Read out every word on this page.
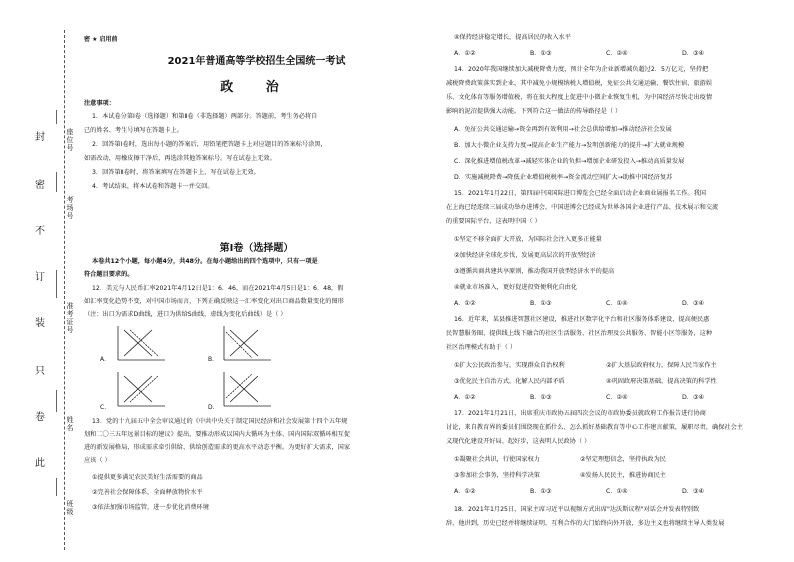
封
密
不
订
装
只
卷
此
座位号
考场号
准考证号
姓名
班级
密 ★ 启用前
2021年普通高等学校招生全国统一考试
政 治
注意事项：
1．本试卷分第Ⅰ卷（选择题）和第Ⅱ卷（非选择题）两部分。答题前，考生务必将自
己的姓名、考生号填写在答题卡上。
2．回答第Ⅰ卷时，选出每小题的答案后，用铅笔把答题卡上对应题目的答案标号涂黑，
如需改动，用橡皮擦干净后，再选涂其他答案标号。写在试卷上无效。
3．回答第Ⅱ卷时，将答案填写在答题卡上，写在试卷上无效。
4．考试结束，将本试卷和答题卡一并交回。
第Ⅰ卷（选择题）
本卷共12个小题，每小题4分，共48分。在每小题给出的四个选项中，只有一项是
符合题目要求的。
12．美元与人民币汇率2021年4月12日是1：6．46，而在2021年4月5日是1：6．48，假
如汇率变化趋势不变，对中国市场而言，下列正确反映这一汇率变化对出口商品数量变化的图形
（注：出口为需求D曲线，进口为供给S曲线，虚线为变化后曲线）是（ ）
A．	B．
C．	D．
13．党的十九届五中全会审议通过的《中共中央关于制定国民经济和社会发展第十四个五年规
划和二〇三五年远景目标的建议》提出，要推动形成以国内大循环为主体、国内国际双循环相互促
进的新发展格局，形成需求牵引供给、供给创造需求的更高水平动态平衡。为更好扩大需求，国家
应该（ ）
①提供更多满足农民美好生活需要的商品
②完善社会保障体系，全面释放物价水平
③依法加强市场监管，进一步优化消费环境
④保持经济稳定增长，提高居民的收入水平
A．①②	B．①③	C．②④	D．③④
14．2020年我国继续加大减税降费力度，预计全年为企业新增减负超过2．5万亿元，坚持把
减税降费政策落实到企业，其中减免小规模纳税人增值税，免征公共交通运输、餐饮住宿、旅游娱
乐、文化体育等服务增值税，将在很大程度上促进中小微企业恢复生机，为中国经济尽快走出疫情
影响的泥沼提供强大动能。下列符合这一做法的传导路径是（ ）
A．免征公共交通运输→资金再到有效利用→社会总供给增加→推动经济社会发展
B．加大小微企业支持力度→提高企业生产能力→发明创新能力的提升→扩大就业规模
C．深化推进增值税改革→减轻实体企业的负担→增加企业研发投入→推动高质量发展
D．实施减税降费→降低企业增值税税率→资金流动空间扩大→助推中国经济复苏
15．2021年1月22日，第四届中国国际进口博览会已经全面启动企业商业展报名工作。我国
在上海已经连续三届成功举办进博会，中国进博会已经成为世界各国企业进行产品、技术展示和交流
的重要国际平台，这表明中国（ ）
①坚定不移全面扩大开放，为国际社会注入更多正能量
②加快经济全球化步伐，发展更高层次的开放型经济
③遵循共商共建共享原则，推动我国开放型经济水平的提高
④就业市场准入，更好促进投资便利化自由化
A．①②	B．①③	C．①④	D．③④
16．近年来，某县推进智慧社区建设，推进社区数字化平台和社区服务体系建设，提高便民惠
民智慧服务圈，提供线上线下融合的社区生活服务、社区治理及公共服务、智能小区等服务，这种
社区治理模式有助于（ ）
①扩大公民政治参与，实现群众自治权利	②扩大基层政府权力，保障人民当家作主
③优化民主自治方式，化解人民内部矛盾	④巩固政府决策基础，提高决策的科学性
A．①②	B．①③	C．②④	D．③④
17．2021年1月21日，出席重庆市政协五届四次会议的市政协委员就政府工作报告进行协商
讨论，来自教育界的委员们围绕现在抓什么、怎么抓好基础教育等中心工作建言献策，履职尽责，确保社会主
义现代化建设开好局、起好步，这表明人民政协（ ）
①凝聚社会共识，行使国家权力	②坚定理想信念，坚持执政为民
③参加社会事务，坚持科学决策	④发扬人民民主，推进协商民主
A．①②	B．①③	C．①④	D．③④
18．2021年1月25日，国家主席习近平以视频方式出席"达沃斯议程"对话会并发表特别致
辞，他讲到，历史已经并将继续证明，互利合作的大门始终向外开放，多边主义也将继续主导人类发展
